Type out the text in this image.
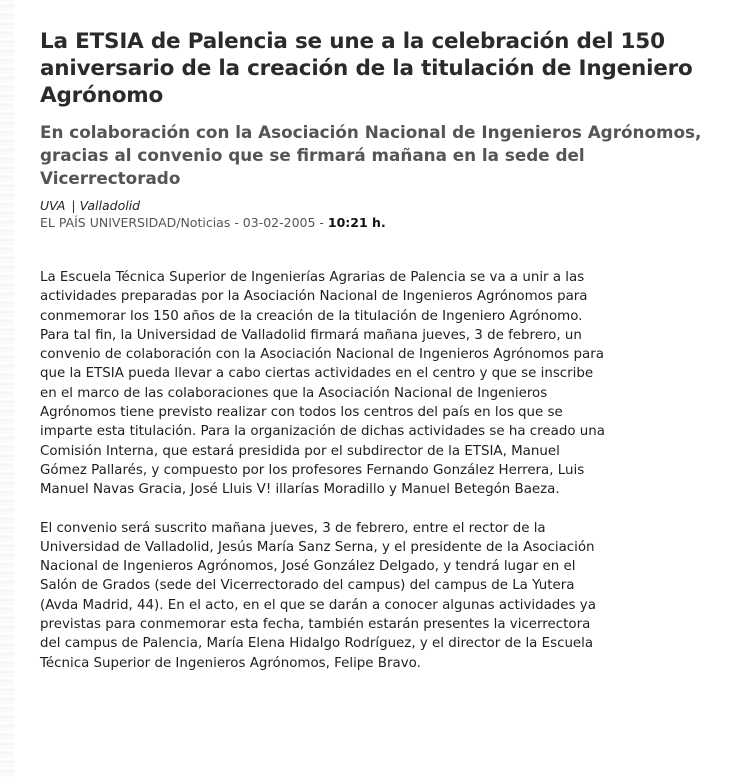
La ETSIA de Palencia se une a la celebración del 150 aniversario de la creación de la titulación de Ingeniero Agrónomo
En colaboración con la Asociación Nacional de Ingenieros Agrónomos, gracias al convenio que se firmará mañana en la sede del Vicerrectorado
UVA | Valladolid
EL PAÍS UNIVERSIDAD/Noticias - 03-02-2005 - 10:21 h.

La Escuela Técnica Superior de Ingenierías Agrarias de Palencia se va a unir a las
actividades preparadas por la Asociación Nacional de Ingenieros Agrónomos para
conmemorar los 150 años de la creación de la titulación de Ingeniero Agrónomo.
Para tal fin, la Universidad de Valladolid firmará mañana jueves, 3 de febrero, un
convenio de colaboración con la Asociación Nacional de Ingenieros Agrónomos para
que la ETSIA pueda llevar a cabo ciertas actividades en el centro y que se inscribe
en el marco de las colaboraciones que la Asociación Nacional de Ingenieros
Agrónomos tiene previsto realizar con todos los centros del país en los que se
imparte esta titulación. Para la organización de dichas actividades se ha creado una
Comisión Interna, que estará presidida por el subdirector de la ETSIA, Manuel
Gómez Pallarés, y compuesto por los profesores Fernando González Herrera, Luis
Manuel Navas Gracia, José Lluis V! illarías Moradillo y Manuel Betegón Baeza.

El convenio será suscrito mañana jueves, 3 de febrero, entre el rector de la
Universidad de Valladolid, Jesús María Sanz Serna, y el presidente de la Asociación
Nacional de Ingenieros Agrónomos, José González Delgado, y tendrá lugar en el
Salón de Grados (sede del Vicerrectorado del campus) del campus de La Yutera
(Avda Madrid, 44). En el acto, en el que se darán a conocer algunas actividades ya
previstas para conmemorar esta fecha, también estarán presentes la vicerrectora
del campus de Palencia, María Elena Hidalgo Rodríguez, y el director de la Escuela
Técnica Superior de Ingenieros Agrónomos, Felipe Bravo.
